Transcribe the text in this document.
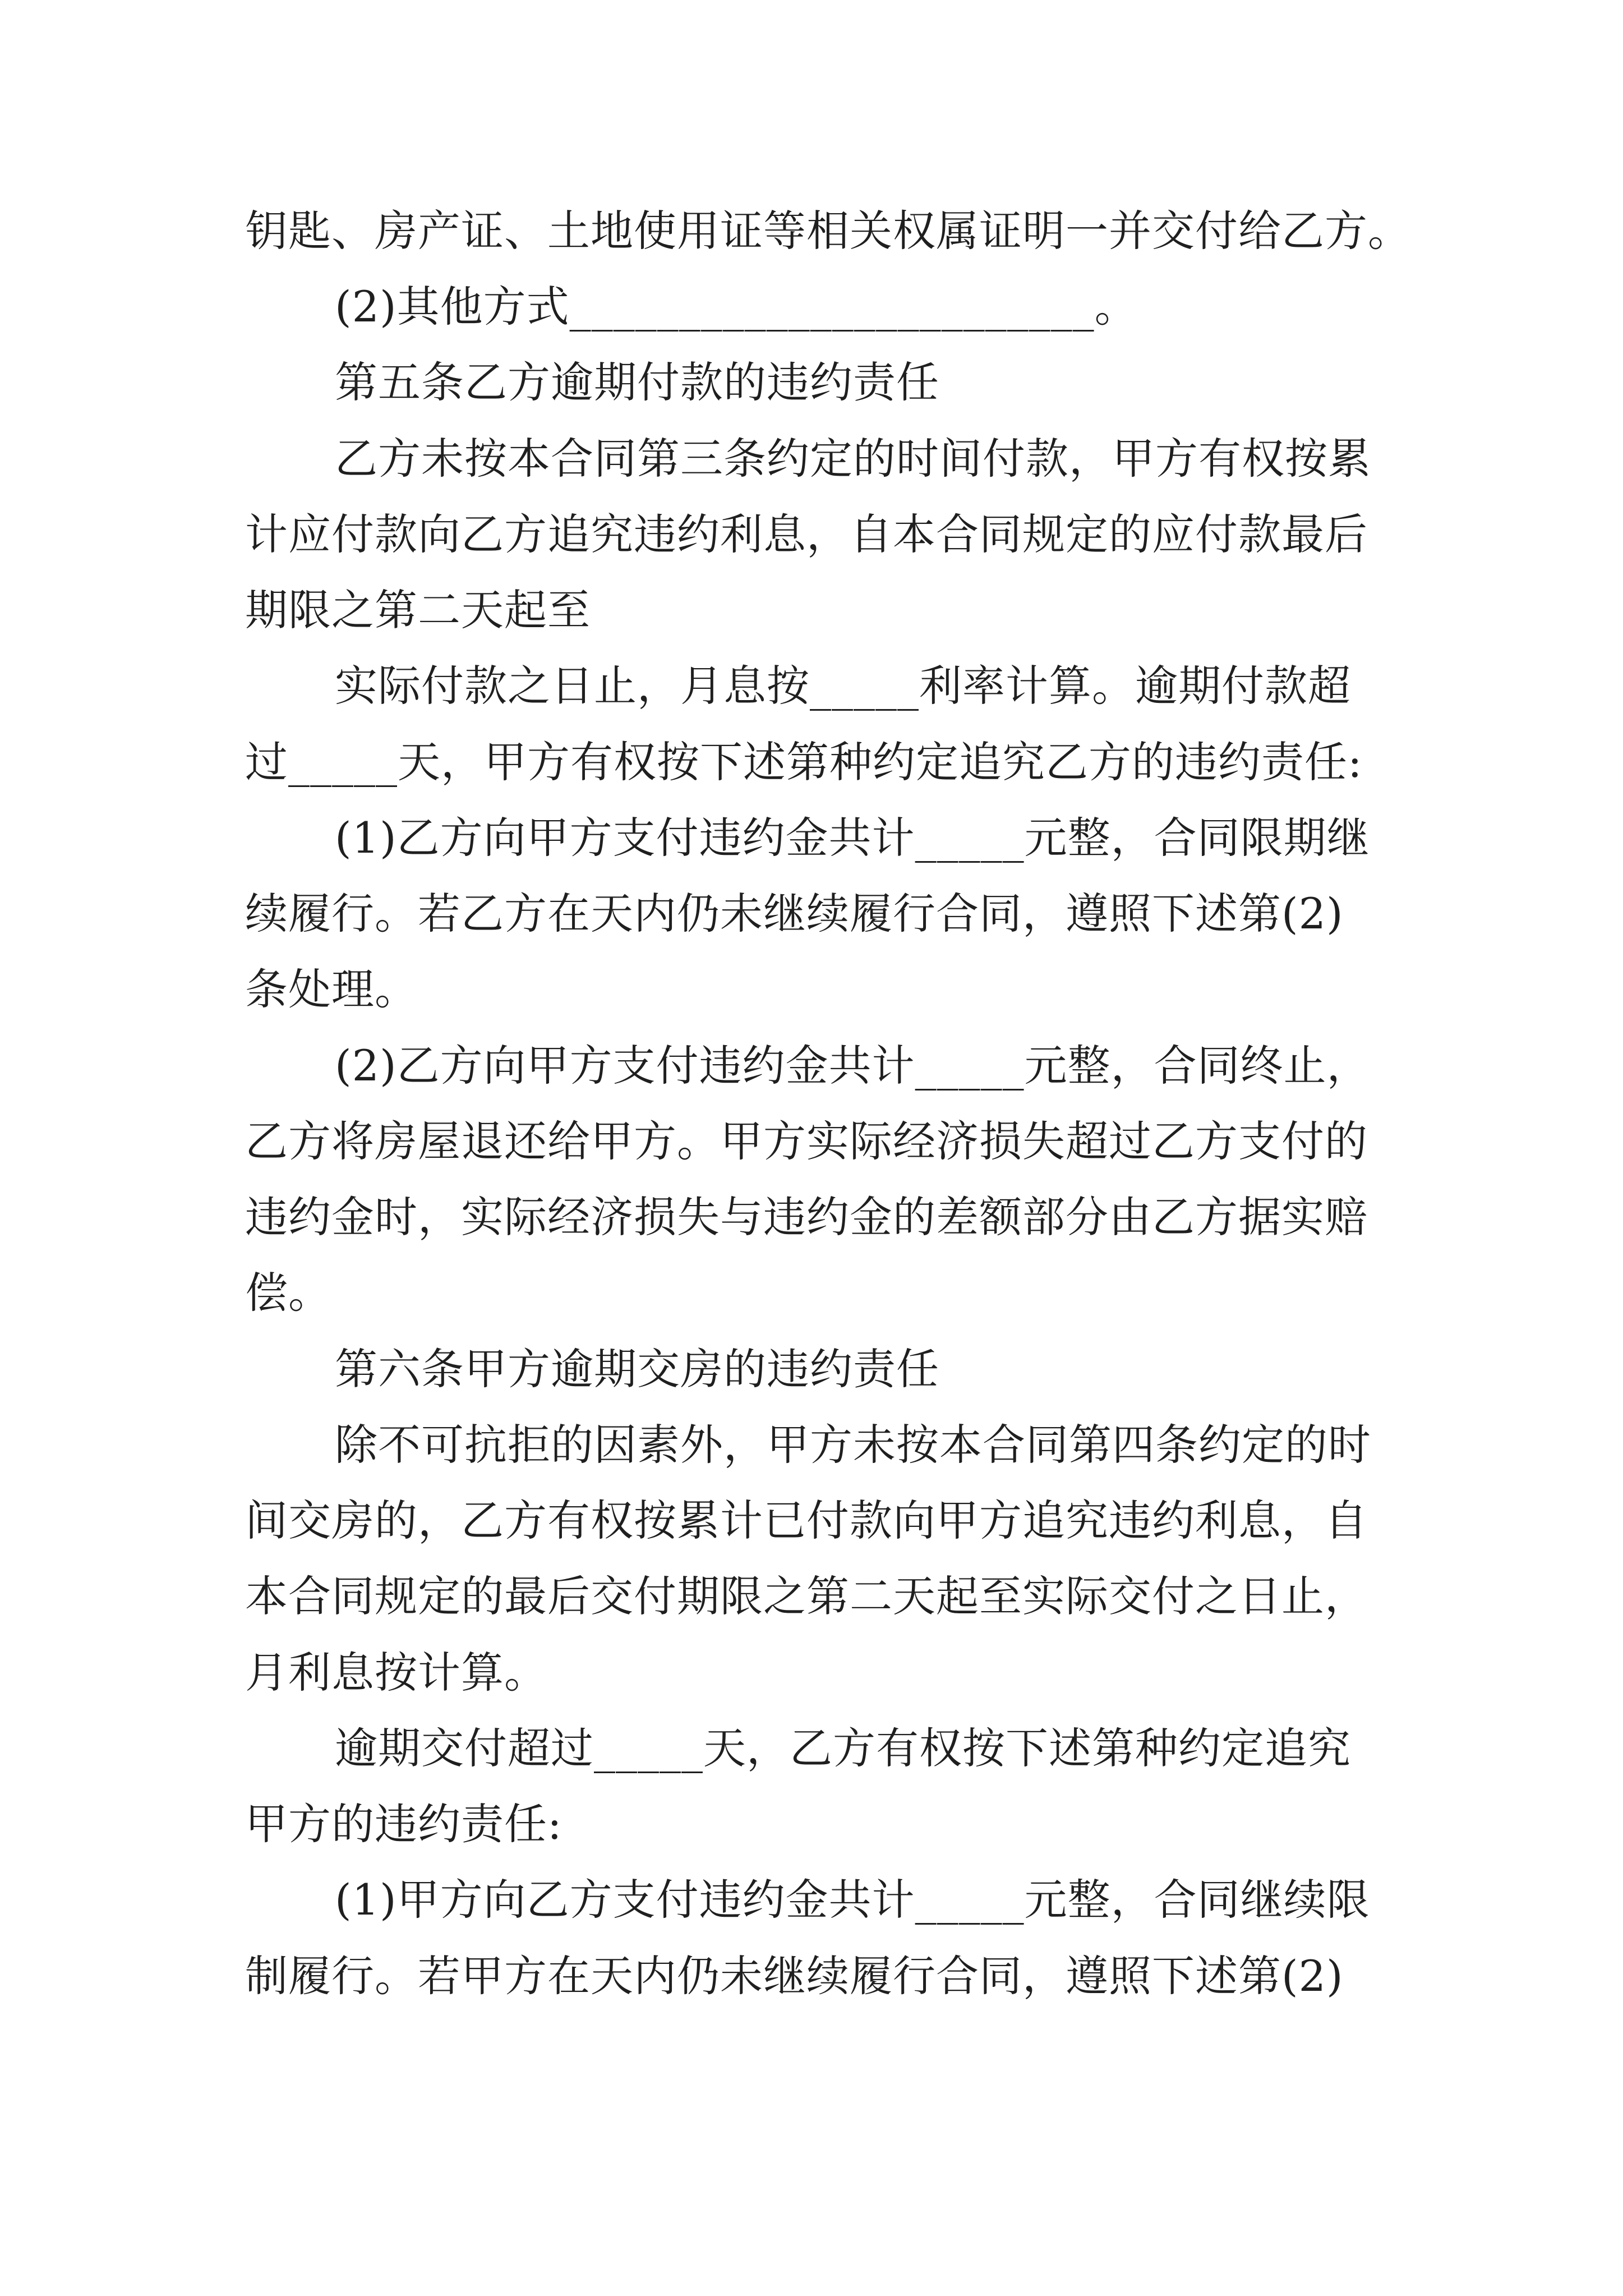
钥匙、房产证、土地使用证等相关权属证明一并交付给乙方。
(2)其他方式________________________。
第五条乙方逾期付款的违约责任
乙方未按本合同第三条约定的时间付款，甲方有权按累
计应付款向乙方追究违约利息，自本合同规定的应付款最后
期限之第二天起至
实际付款之日止，月息按_____利率计算。逾期付款超
过_____天，甲方有权按下述第种约定追究乙方的违约责任:
(1)乙方向甲方支付违约金共计_____元整，合同限期继
续履行。若乙方在天内仍未继续履行合同，遵照下述第(2)
条处理。
(2)乙方向甲方支付违约金共计_____元整，合同终止，
乙方将房屋退还给甲方。甲方实际经济损失超过乙方支付的
违约金时，实际经济损失与违约金的差额部分由乙方据实赔
偿。
第六条甲方逾期交房的违约责任
除不可抗拒的因素外，甲方未按本合同第四条约定的时
间交房的，乙方有权按累计已付款向甲方追究违约利息，自
本合同规定的最后交付期限之第二天起至实际交付之日止，
月利息按计算。
逾期交付超过_____天，乙方有权按下述第种约定追究
甲方的违约责任:
(1)甲方向乙方支付违约金共计_____元整，合同继续限
制履行。若甲方在天内仍未继续履行合同，遵照下述第(2)
